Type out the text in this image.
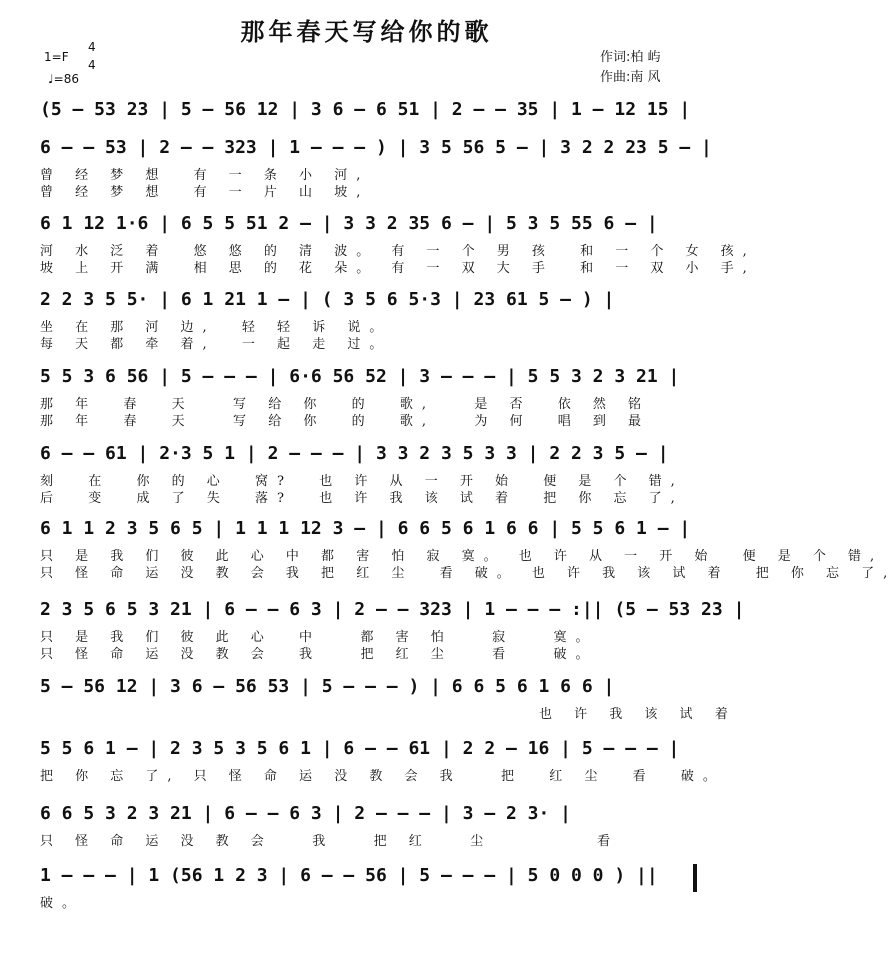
那年春天写给你的歌
1=F
4
4
♩=86
作词:柏 屿
作曲:南 风
(5 – 53 23 | 5 – 56 12 | 3 6 – 6 51 | 2 – – 35 | 1 – 12 15 |
6 – – 53 | 2 – – 323 | 1 – – – ) | 3 5 56 5 – | 3 2 2 23 5 – |
曾 经 梦 想  有 一 条 小 河,
曾 经 梦 想  有 一 片 山 坡,
6 1 12 1·6 | 6 5 5 51 2 – | 3 3 2 35 6 – | 5 3 5 55 6 – |
河 水 泛 着  悠 悠 的 清 波。 有 一 个 男 孩  和 一 个 女 孩,
坡 上 开 满  相 思 的 花 朵。 有 一 双 大 手  和 一 双 小 手,
2 2 3 5 5· | 6 1 21 1 – | ( 3 5 6 5·3 | 23 61 5 – ) |
坐 在 那 河 边,  轻 轻 诉 说。
每 天 都 牵 着,  一 起 走 过。
5 5 3 6 56 | 5 – – – | 6·6 56 52 | 3 – – – | 5 5 3 2 3 21 |
那 年  春  天   写 给 你  的  歌,   是 否  依 然 铭
那 年  春  天   写 给 你  的  歌,   为 何  唱 到 最
6 – – 61 | 2·3 5 1 | 2 – – – | 3 3 2 3 5 3 3 | 2 2 3 5 – |
刻  在  你 的 心  窝?  也 许 从 一 开 始  便 是 个 错,
后  变  成 了 失  落?  也 许 我 该 试 着  把 你 忘 了,
6 1 1 2 3 5 6 5 | 1 1 1 12 3 – | 6 6 5 6 1 6 6 | 5 5 6 1 – |
只 是 我 们 彼 此 心 中 都 害 怕 寂 寞。 也 许 从 一 开 始  便 是 个 错,
只 怪 命 运 没 教 会 我 把 红 尘  看 破。 也 许 我 该 试 着  把 你 忘 了,
2 3 5 6 5 3 21 | 6 – – 6 3 | 2 – – 323 | 1 – – – :|| (5 – 53 23 |
只 是 我 们 彼 此 心  中   都 害 怕   寂   寞。
只 怪 命 运 没 教 会  我   把 红 尘   看   破。
5 – 56 12 | 3 6 – 56 53 | 5 – – – ) | 6 6 5 6 1 6 6 |
也 许 我 该 试 着
5 5 6 1 – | 2 3 5 3 5 6 1 | 6 – – 61 | 2 2 – 16 | 5 – – – |
把 你 忘 了, 只 怪 命 运 没 教 会 我   把  红 尘  看  破。
6 6 5 3 2 3 21 | 6 – – 6 3 | 2 – – – | 3 – 2 3· |
只 怪 命 运 没 教 会   我   把 红   尘        看
1 – – – | 1 (56 1 2 3 | 6 – – 56 | 5 – – – | 5 0 0 0 ) ||
破。
